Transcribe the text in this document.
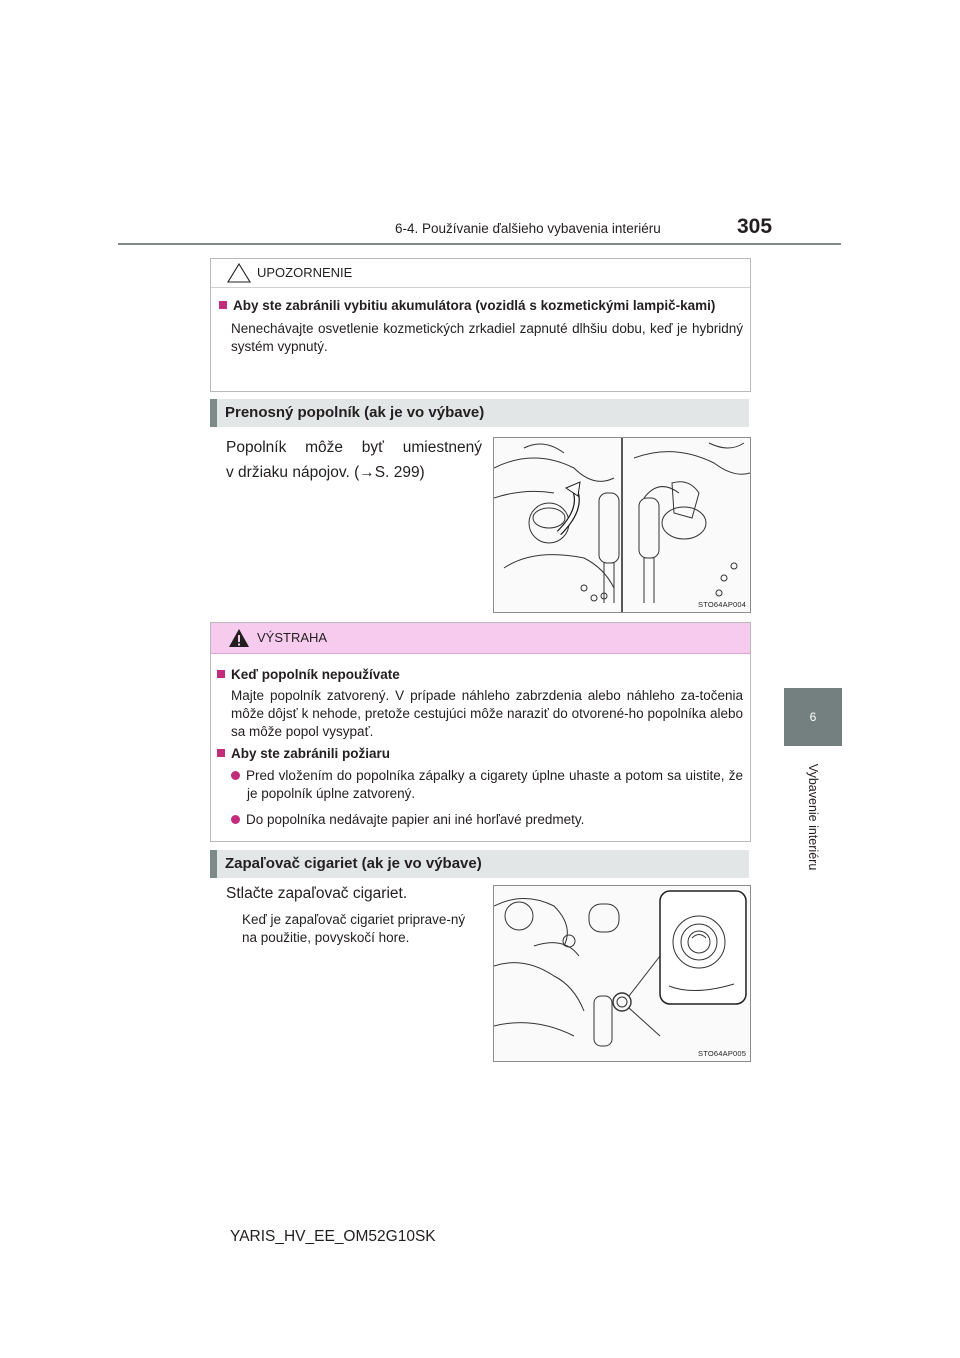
6-4. Používanie ďalšieho vybavenia interiéru	305
6
Vybavenie interiéru
UPOZORNENIE
Aby ste zabránili vybitiu akumulátora (vozidlá s kozmetickými lampič-kami)
Nenechávajte osvetlenie kozmetických zrkadiel zapnuté dlhšiu dobu, keď je hybridný systém vypnutý.
Prenosný popolník (ak je vo výbave)
Popolník môže byť umiestnený
v držiaku nápojov. (→S. 299)
STO64AP004
VÝSTRAHA
Keď popolník nepoužívate
Majte popolník zatvorený. V prípade náhleho zabrzdenia alebo náhleho za-točenia môže dôjsť k nehode, pretože cestujúci môže naraziť do otvorené-ho popolníka alebo sa môže popol vysypať.
Aby ste zabránili požiaru
Pred vložením do popolníka zápalky a cigarety úplne uhaste a potom sa uistite, že je popolník úplne zatvorený.
Do popolníka nedávajte papier ani iné horľavé predmety.
Zapaľovač cigariet (ak je vo výbave)
Stlačte zapaľovač cigariet.
Keď je zapaľovač cigariet priprave-ný na použitie, povyskočí hore.
STO64AP005
YARIS_HV_EE_OM52G10SK
